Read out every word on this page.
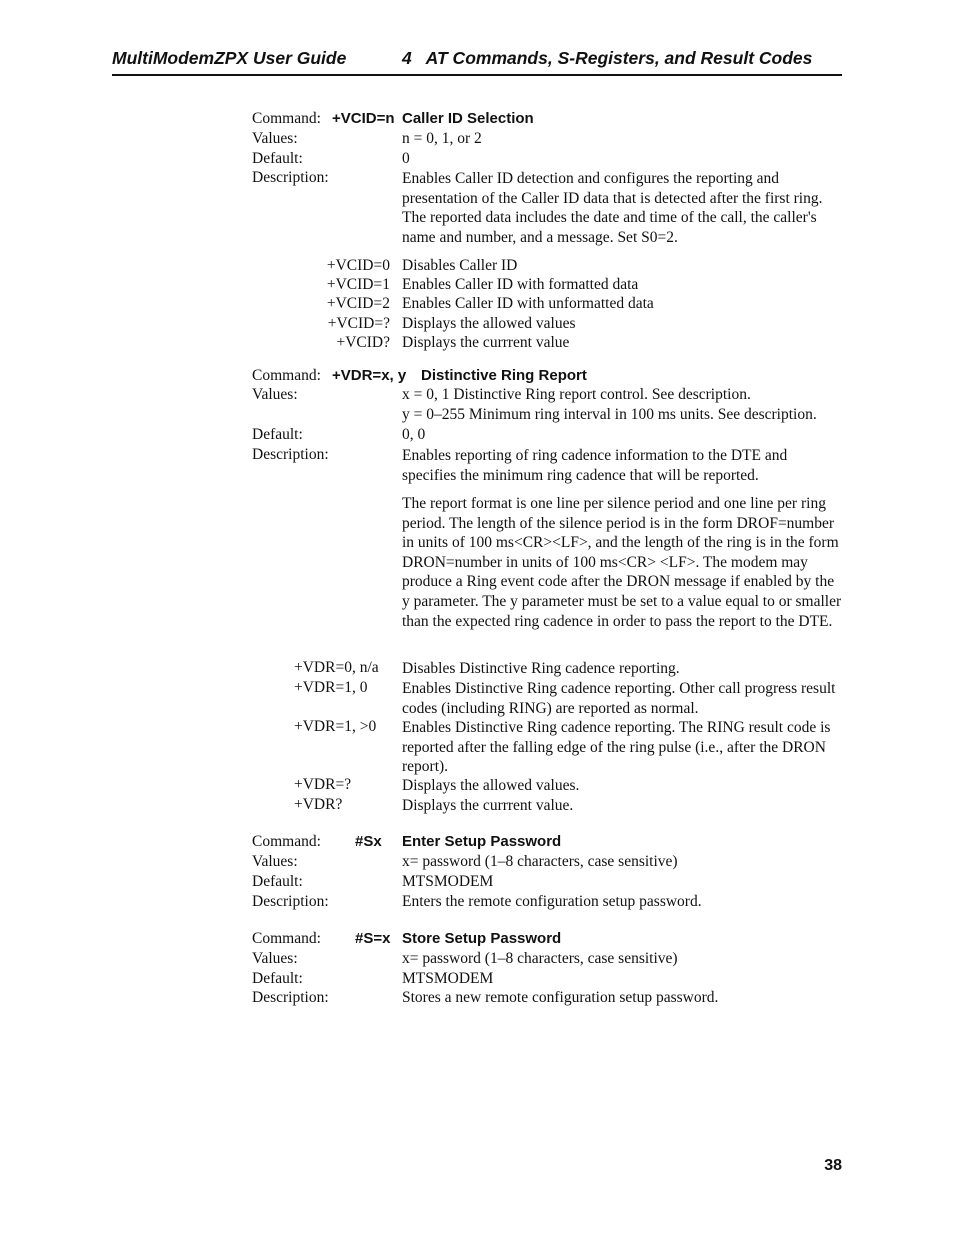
MultiModemZPX User Guide	4   AT Commands, S-Registers, and Result Codes
Command: +VCID=n Caller ID Selection
Values:	n = 0, 1, or 2
Default:	0
Description:	Enables Caller ID detection and configures the reporting and presentation of the Caller ID data that is detected after the first ring. The reported data includes the date and time of the call, the caller's name and number, and a message. Set S0=2.
+VCID=0 Disables Caller ID
+VCID=1 Enables Caller ID with formatted data
+VCID=2 Enables Caller ID with unformatted data
+VCID=? Displays the allowed values
+VCID? Displays the currrent value
Command: +VDR=x, y Distinctive Ring Report
Values:	x = 0, 1 Distinctive Ring report control. See description.
y = 0–255 Minimum ring interval in 100 ms units. See description.
Default:	0, 0
Description:	Enables reporting of ring cadence information to the DTE and specifies the minimum ring cadence that will be reported.
The report format is one line per silence period and one line per ring period. The length of the silence period is in the form DROF=number in units of 100 ms<CR><LF>, and the length of the ring is in the form DRON=number in units of 100 ms<CR> <LF>. The modem may produce a Ring event code after the DRON message if enabled by the y parameter. The y parameter must be set to a value equal to or smaller than the expected ring cadence in order to pass the report to the DTE.
+VDR=0, n/a Disables Distinctive Ring cadence reporting.
+VDR=1, 0 Enables Distinctive Ring cadence reporting. Other call progress result codes (including RING) are reported as normal.
+VDR=1, >0 Enables Distinctive Ring cadence reporting. The RING result code is reported after the falling edge of the ring pulse (i.e., after the DRON report).
+VDR=?	Displays the allowed values.
+VDR?	Displays the currrent value.
Command: #Sx Enter Setup Password
Values:	x= password (1–8 characters, case sensitive)
Default:	MTSMODEM
Description:	Enters the remote configuration setup password.
Command: #S=x Store Setup Password
Values:	x= password (1–8 characters, case sensitive)
Default:	MTSMODEM
Description:	Stores a new remote configuration setup password.
38
